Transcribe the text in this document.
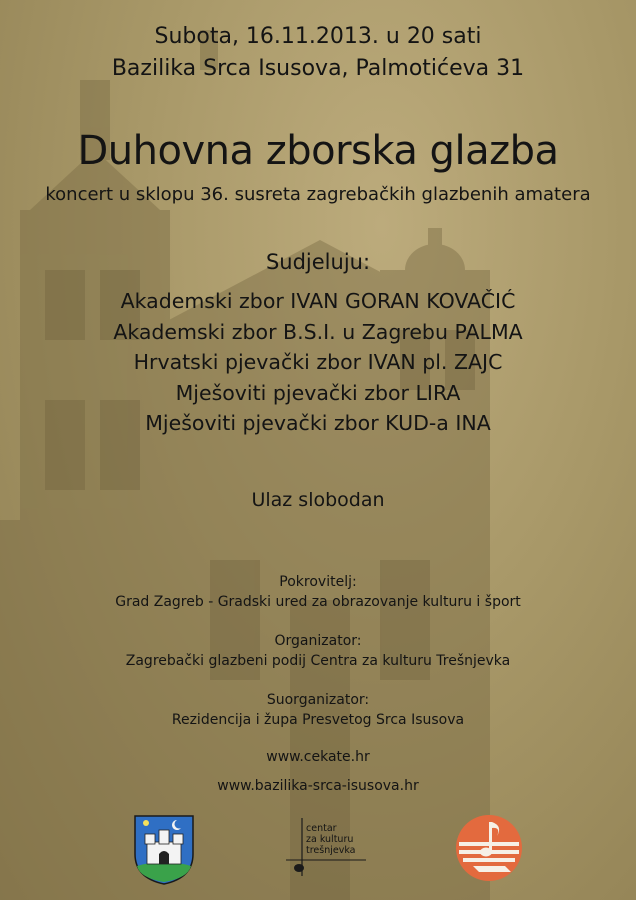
Subota, 16.11.2013. u 20 sati
Bazilika Srca Isusova, Palmotićeva 31
Duhovna zborska glazba
koncert u sklopu 36. susreta zagrebačkih glazbenih amatera
Sudjeluju:
Akademski zbor IVAN GORAN KOVAČIĆ
Akademski zbor B.S.I. u Zagrebu PALMA
Hrvatski pjevački zbor IVAN pl. ZAJC
Mješoviti pjevački zbor LIRA
Mješoviti pjevački zbor KUD-a INA
Ulaz slobodan
Pokrovitelj:
Grad Zagreb - Gradski ured za obrazovanje kulturu i šport
Organizator:
Zagrebački glazbeni podij Centra za kulturu Trešnjevka
Suorganizator:
Rezidencija i župa Presvetog Srca Isusova
www.cekate.hr
www.bazilika-srca-isusova.hr
centar
za kulturu
trešnjevka
